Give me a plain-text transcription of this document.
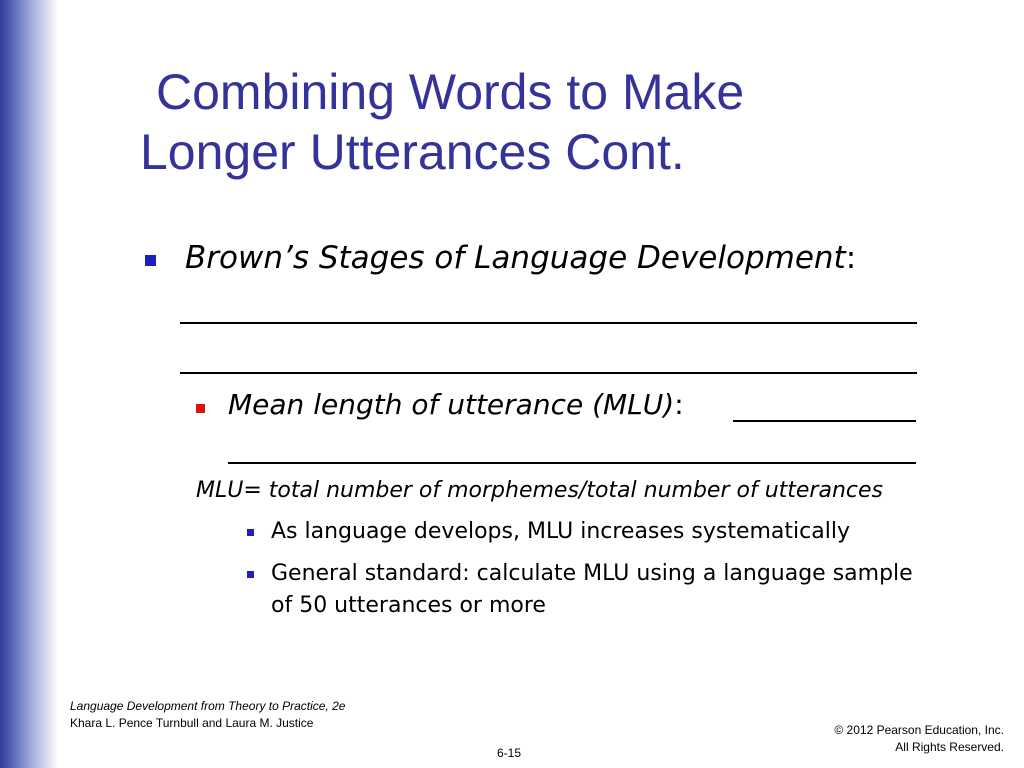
Combining Words to Make
Longer Utterances Cont.
Brown’s Stages of Language Development:
Mean length of utterance (MLU):
MLU= total number of morphemes/total number of utterances
As language develops, MLU increases systematically
General standard: calculate MLU using a language sample of 50 utterances or more
Language Development from Theory to Practice, 2e
Khara L. Pence Turnbull and Laura M. Justice	© 2012 Pearson Education, Inc.
All Rights Reserved.
6-15
